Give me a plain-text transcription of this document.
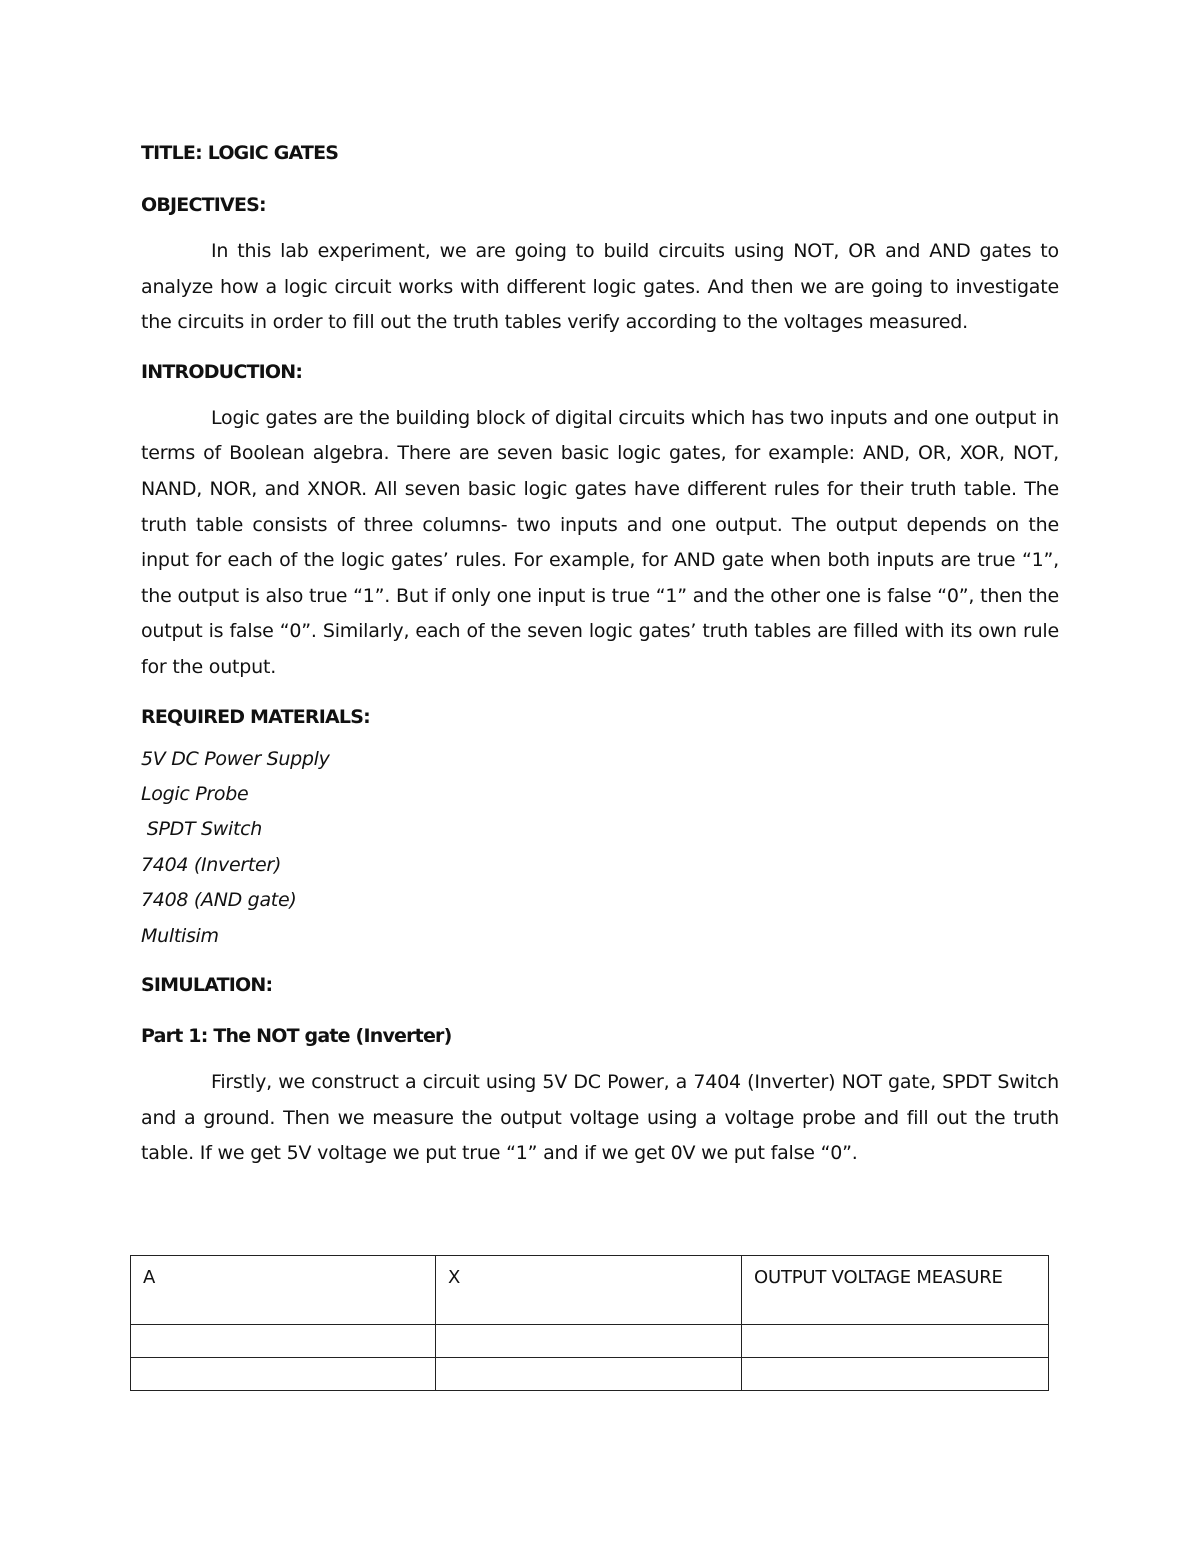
TITLE: LOGIC GATES

OBJECTIVES:

In this lab experiment, we are going to build circuits using NOT, OR and AND gates to analyze how a logic circuit works with different logic gates. And then we are going to investigate the circuits in order to fill out the truth tables verify according to the voltages measured.

INTRODUCTION:

Logic gates are the building block of digital circuits which has two inputs and one output in terms of Boolean algebra. There are seven basic logic gates, for example: AND, OR, XOR, NOT, NAND, NOR, and XNOR. All seven basic logic gates have different rules for their truth table. The truth table consists of three columns- two inputs and one output. The output depends on the input for each of the logic gates’ rules. For example, for AND gate when both inputs are true “1”, the output is also true “1”. But if only one input is true “1” and the other one is false “0”, then the output is false “0”. Similarly, each of the seven logic gates’ truth tables are filled with its own rule for the output.

REQUIRED MATERIALS:

5V DC Power Supply
Logic Probe
SPDT Switch
7404 (Inverter)
7408 (AND gate)
Multisim

SIMULATION:

Part 1: The NOT gate (Inverter)

Firstly, we construct a circuit using 5V DC Power, a 7404 (Inverter) NOT gate, SPDT Switch and a ground. Then we measure the output voltage using a voltage probe and fill out the truth table. If we get 5V voltage we put true “1” and if we get 0V we put false “0”.

A	X	OUTPUT VOLTAGE MEASURE
